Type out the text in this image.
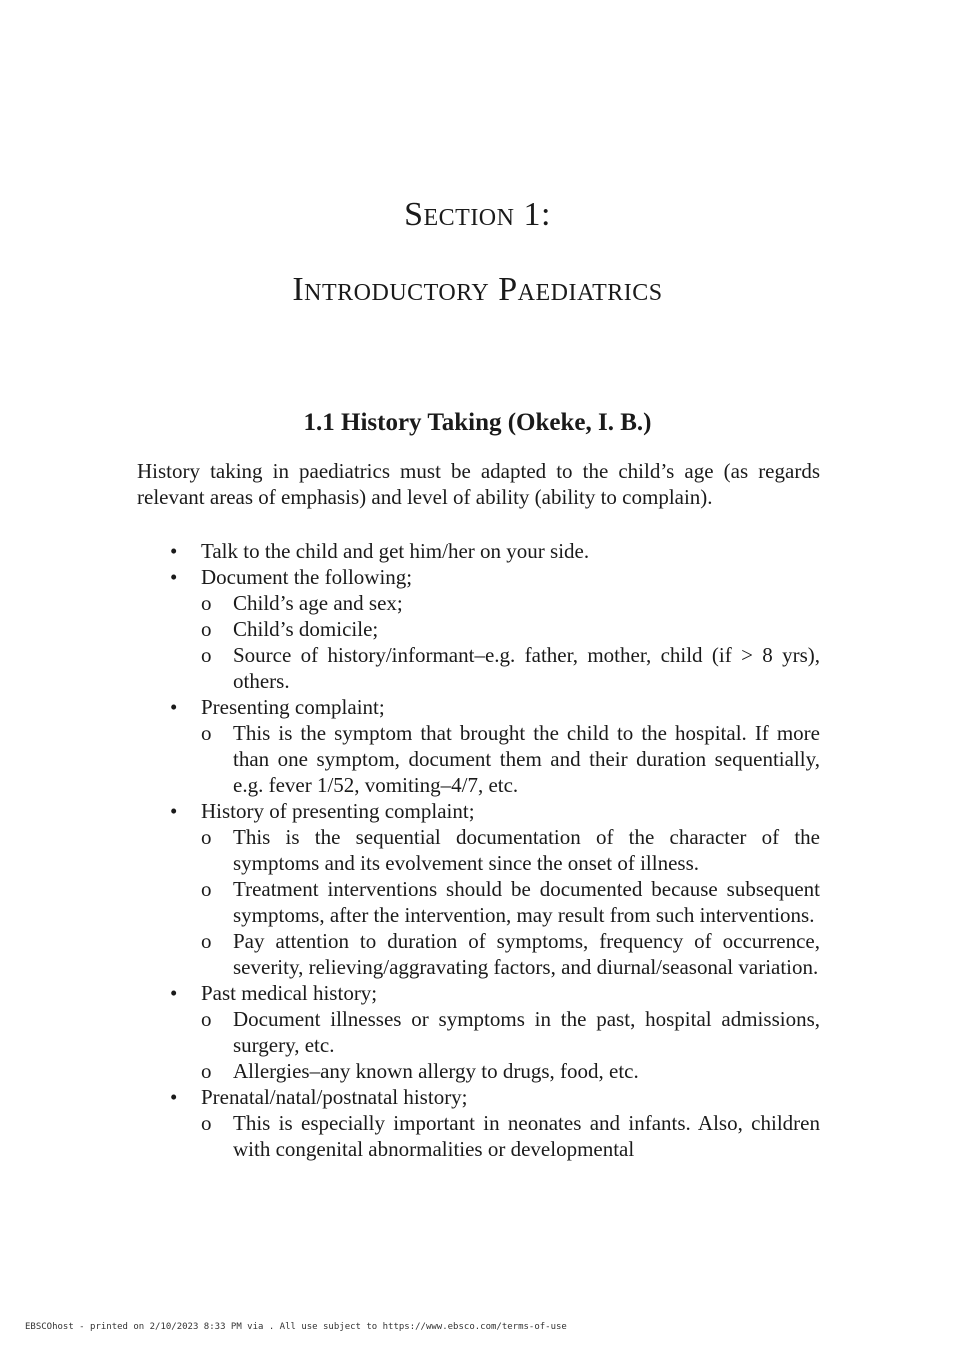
Section 1:
Introductory Paediatrics
1.1 History Taking (Okeke, I. B.)

History taking in paediatrics must be adapted to the child’s age (as regards relevant areas of emphasis) and level of ability (ability to complain).

• Talk to the child and get him/her on your side.
• Document the following;
o Child’s age and sex;
o Child’s domicile;
o Source of history/informant–e.g. father, mother, child (if > 8 yrs), others.
• Presenting complaint;
o This is the symptom that brought the child to the hospital. If more than one symptom, document them and their duration sequentially, e.g. fever 1/52, vomiting–4/7, etc.
• History of presenting complaint;
o This is the sequential documentation of the character of the symptoms and its evolvement since the onset of illness.
o Treatment interventions should be documented because subsequent symptoms, after the intervention, may result from such interventions.
o Pay attention to duration of symptoms, frequency of occurrence, severity, relieving/aggravating factors, and diurnal/seasonal variation.
• Past medical history;
o Document illnesses or symptoms in the past, hospital admissions, surgery, etc.
o Allergies–any known allergy to drugs, food, etc.
• Prenatal/natal/postnatal history;
o This is especially important in neonates and infants. Also, children with congenital abnormalities or developmental
EBSCOhost - printed on 2/10/2023 8:33 PM via . All use subject to https://www.ebsco.com/terms-of-use
